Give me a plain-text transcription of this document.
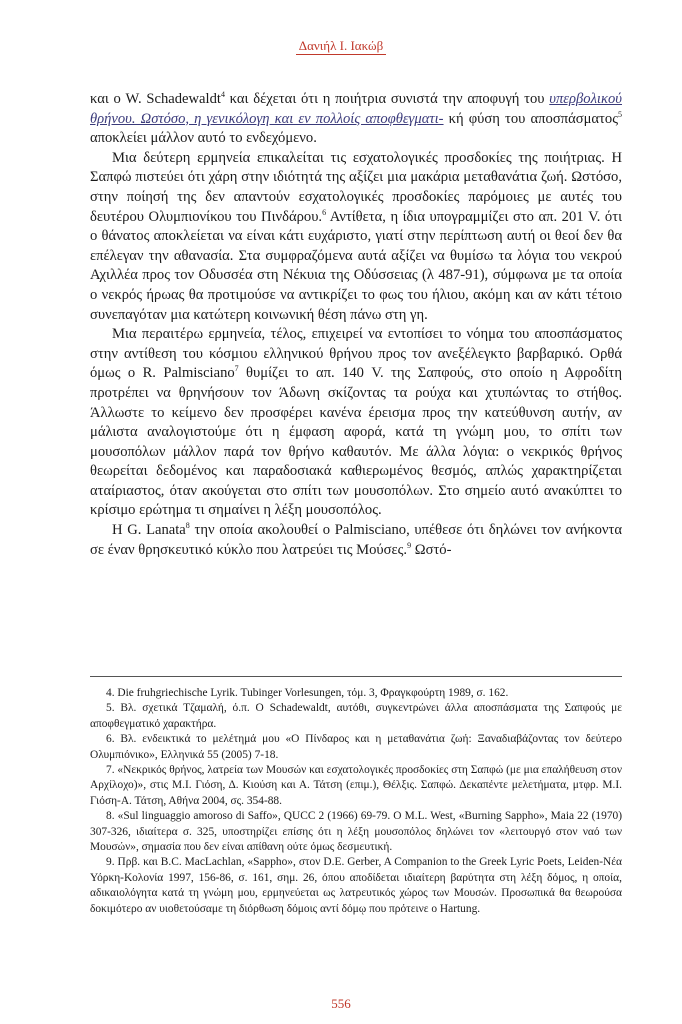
Δανιήλ Ι. Ιακώβ

και ο W. Schadewaldt$^4$ και δέχεται ότι η ποιήτρια συνιστά την αποφυγή του υπερβολικού θρήνου. Ωστόσο, η γενικόλογη και εν πολλοίς αποφθεγματι- κή φύση του αποσπάσματος$^5$ αποκλείει μάλλον αυτό το ενδεχόμενο.

Μια δεύτερη ερμηνεία επικαλείται τις εσχατολογικές προσδοκίες της ποιήτριας. Η Σαπφώ πιστεύει ότι χάρη στην ιδιότητά της αξίζει μια μακάρια μεταθανάτια ζωή. Ωστόσο, στην ποίησή της δεν απαντούν εσχατολογικές προσδοκίες παρόμοιες με αυτές του δευτέρου Ολυμπιονίκου του Πινδάρου.$^6$ Αντίθετα, η ίδια υπογραμμίζει στο απ. 201 V. ότι ο θάνατος αποκλείεται να είναι κάτι ευχάριστο, γιατί στην περίπτωση αυτή οι θεοί δεν θα επέλεγαν την αθανασία. Στα συμφραζόμενα αυτά αξίζει να θυμίσω τα λόγια του νεκρού Αχιλλέα προς τον Οδυσσέα στη Νέκυια της Οδύσσειας (λ 487-91), σύμφωνα με τα οποία ο νεκρός ήρωας θα προτιμούσε να αντικρίζει το φως του ήλιου, ακόμη και αν κάτι τέτοιο συνεπαγόταν μια κατώτερη κοινωνική θέση πάνω στη γη.

Μια περαιτέρω ερμηνεία, τέλος, επιχειρεί να εντοπίσει το νόημα του αποσπάσματος στην αντίθεση του κόσμιου ελληνικού θρήνου προς τον ανεξέλεγκτο βαρβαρικό. Ορθά όμως ο R. Palmisciano$^7$ θυμίζει το απ. 140 V. της Σαπφούς, στο οποίο η Αφροδίτη προτρέπει να θρηνήσουν τον Άδωνη σκίζοντας τα ρούχα και χτυπώντας το στήθος. Άλλωστε το κείμενο δεν προσφέρει κανένα έρεισμα προς την κατεύθυνση αυτήν, αν μάλιστα αναλογιστούμε ότι η έμφαση αφορά, κατά τη γνώμη μου, το σπίτι των μουσοπόλων μάλλον παρά τον θρήνο καθαυτόν. Με άλλα λόγια: ο νεκρικός θρήνος θεωρείται δεδομένος και παραδοσιακά καθιερωμένος θεσμός, απλώς χαρακτηρίζεται αταίριαστος, όταν ακούγεται στο σπίτι των μουσοπόλων. Στο σημείο αυτό ανακύπτει το κρίσιμο ερώτημα τι σημαίνει η λέξη μουσοπόλος.

Η G. Lanata$^8$ την οποία ακολουθεί ο Palmisciano, υπέθεσε ότι δηλώνει τον ανήκοντα σε έναν θρησκευτικό κύκλο που λατρεύει τις Μούσες.$^9$ Ωστό-

4. Die fruhgriechische Lyrik. Tubinger Vorlesungen, τόμ. 3, Φραγκφούρτη 1989, σ. 162.

5. Βλ. σχετικά Τζαμαλή, ό.π. Ο Schadewaldt, αυτόθι, συγκεντρώνει άλλα αποσπάσματα της Σαπφούς με αποφθεγματικό χαρακτήρα.

6. Βλ. ενδεικτικά το μελέτημά μου «Ο Πίνδαρος και η μεταθανάτια ζωή: Ξαναδιαβάζοντας τον δεύτερο Ολυμπιόνικο», Ελληνικά 55 (2005) 7-18.

7. «Νεκρικός θρήνος, λατρεία των Μουσών και εσχατολογικές προσδοκίες στη Σαπφώ (με μια επαλήθευση στον Αρχίλοχο)», στις Μ.Ι. Γιόση, Δ. Κιούση και Α. Τάτση (επιμ.), Θέλξις. Σαπφώ. Δεκαπέντε μελετήματα, μτφρ. Μ.Ι. Γιόση-Α. Τάτση, Αθήνα 2004, σς. 354-88.

8. «Sul linguaggio amoroso di Saffo», QUCC 2 (1966) 69-79. Ο M.L. West, «Burning Sappho», Maia 22 (1970) 307-326, ιδιαίτερα σ. 325, υποστηρίζει επίσης ότι η λέξη μουσοπόλος δηλώνει τον «λειτουργό στον ναό των Μουσών», σημασία που δεν είναι απίθανη ούτε όμως δεσμευτική.

9. Πρβ. και B.C. MacLachlan, «Sappho», στον D.E. Gerber, A Companion to the Greek Lyric Poets, Leiden-Νέα Υόρκη-Κολονία 1997, 156-86, σ. 161, σημ. 26, όπου αποδίδεται ιδιαίτερη βαρύτητα στη λέξη δόμος, η οποία, αδικαιολόγητα κατά τη γνώμη μου, ερμηνεύεται ως λατρευτικός χώρος των Μουσών. Προσωπικά θα θεωρούσα δοκιμότερο αν υιοθετούσαμε τη διόρθωση δόμοις αντί δόμῳ που πρότεινε ο Hartung.

556
